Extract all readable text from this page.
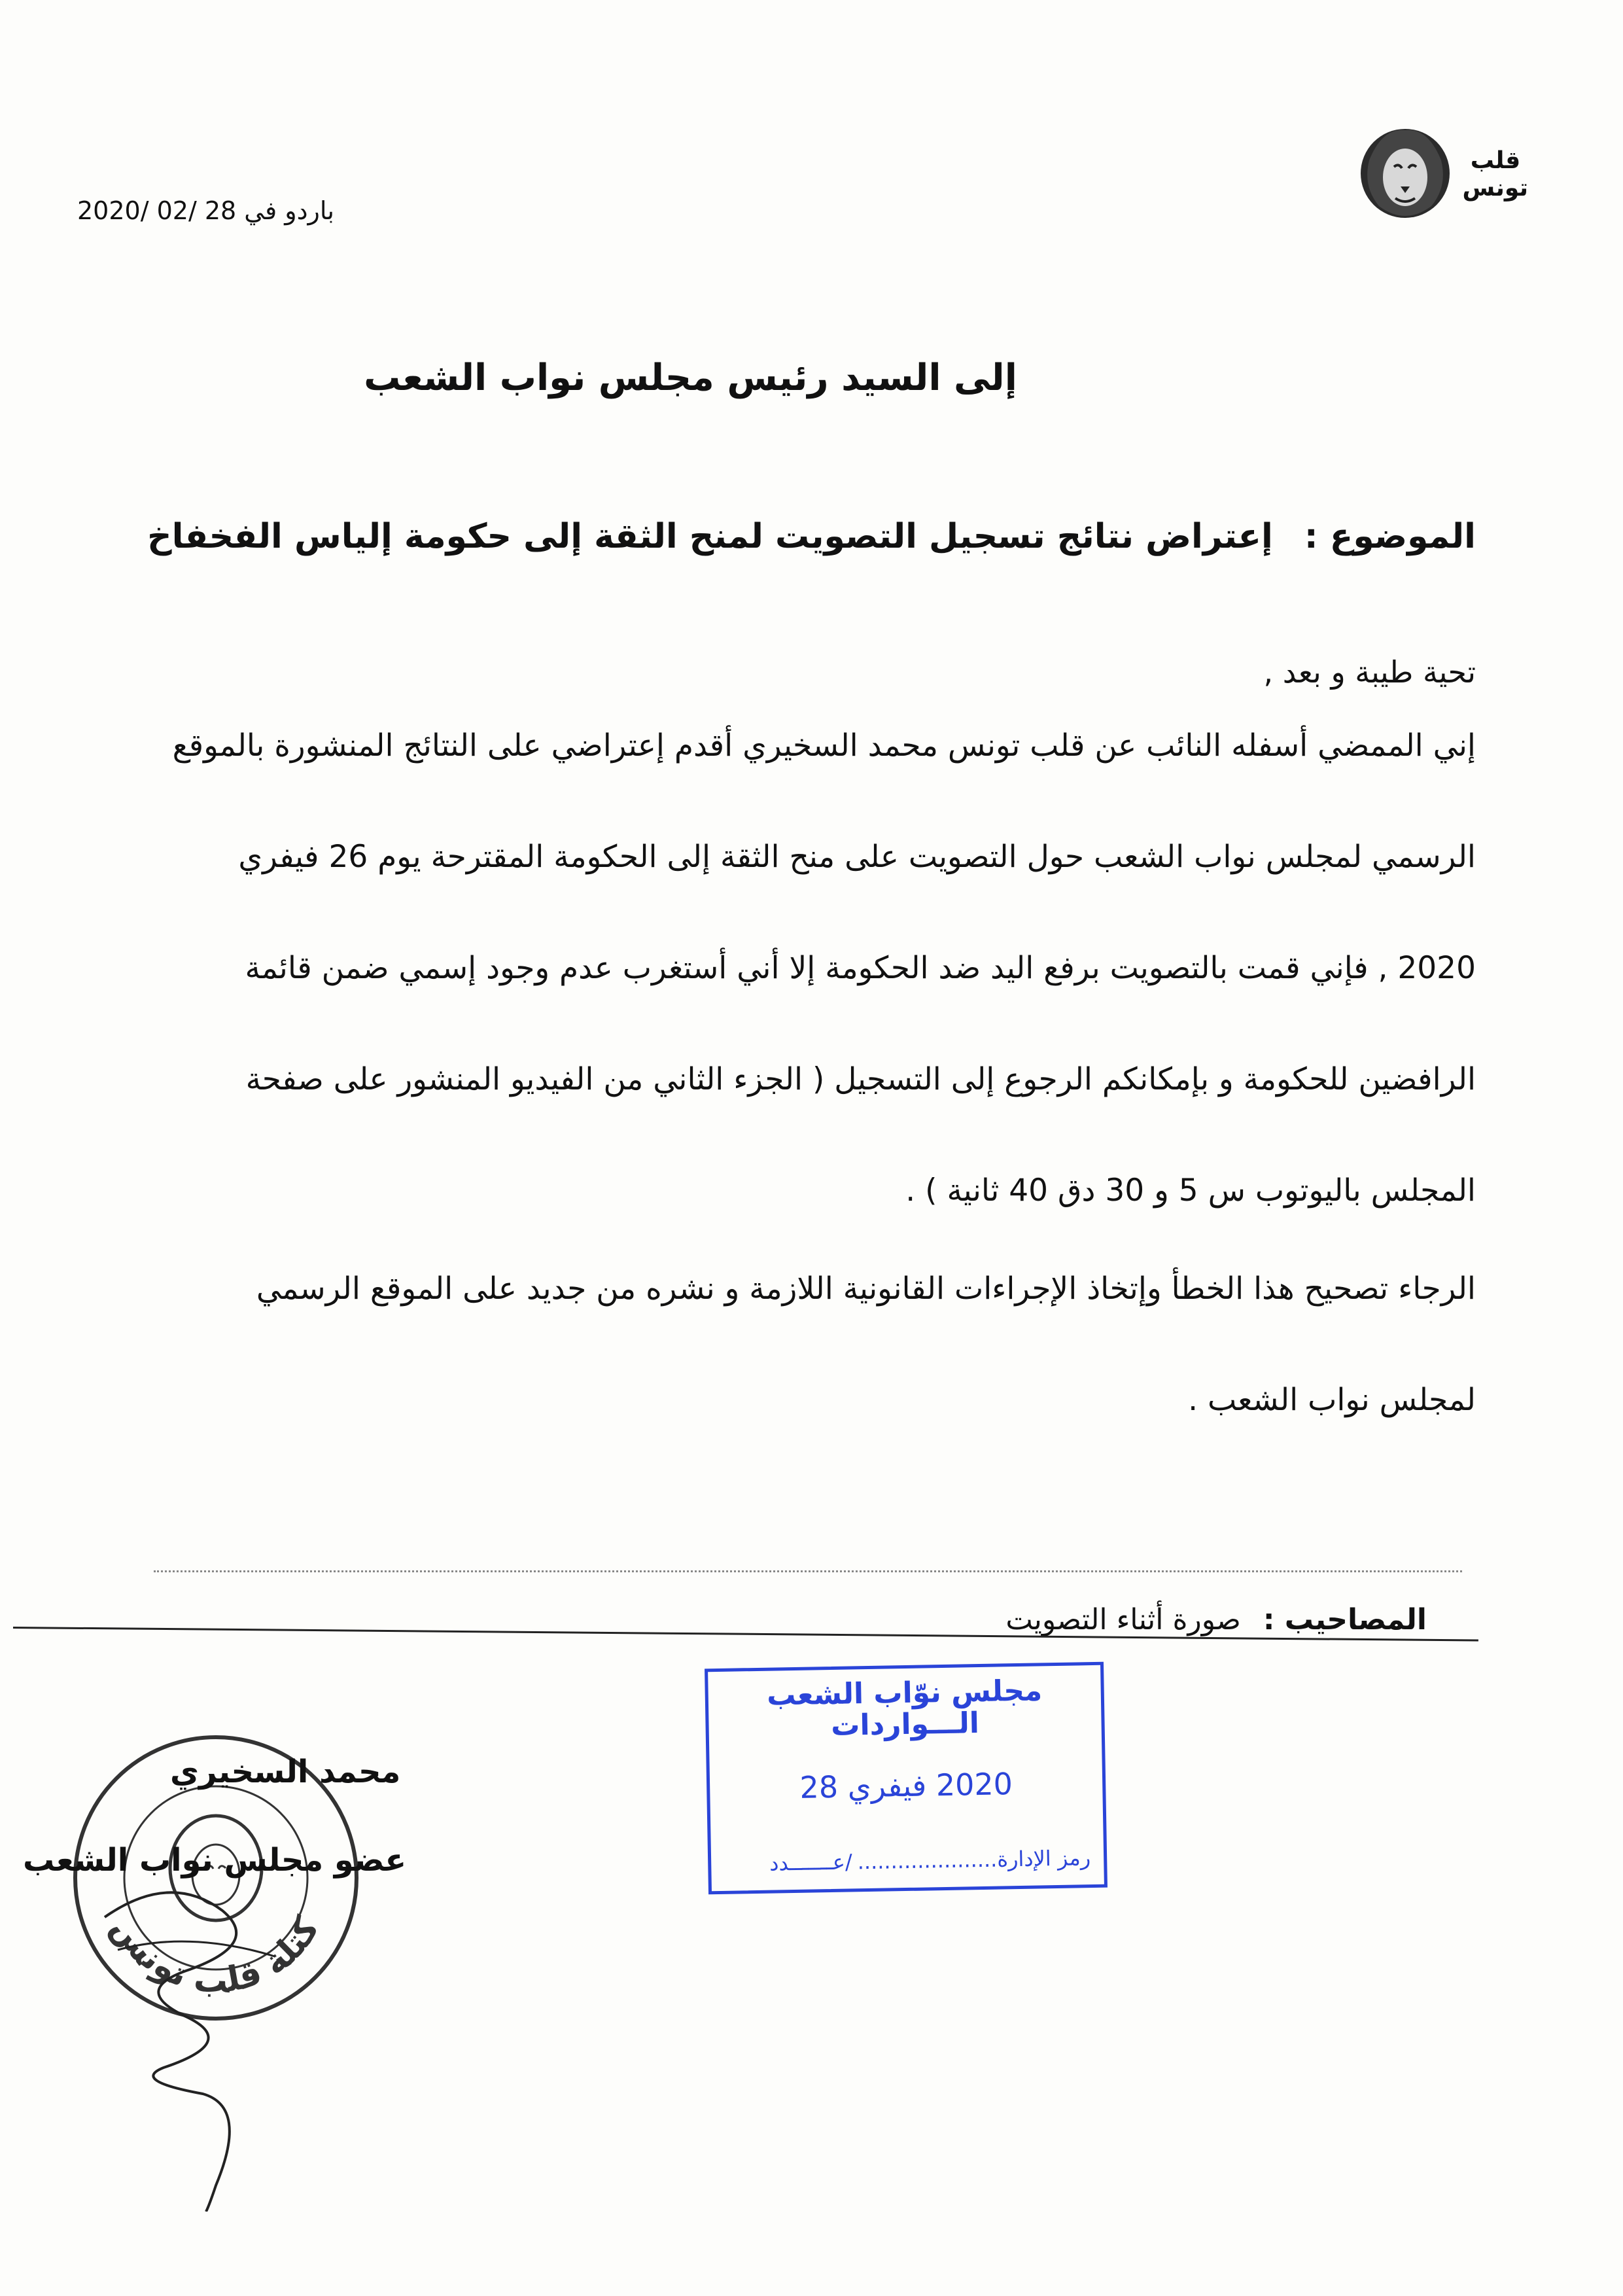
قلب
تونس
باردو في 28 /02 /2020
إلى السيد رئيس مجلس نواب الشعب
الموضوع : إعتراض نتائج تسجيل التصويت لمنح الثقة إلى حكومة إلياس الفخفاخ
تحية طيبة و بعد ,

إني الممضي أسفله النائب عن قلب تونس محمد السخيري أقدم إعتراضي على النتائج المنشورة بالموقع

الرسمي لمجلس نواب الشعب حول التصويت على منح الثقة إلى الحكومة المقترحة يوم 26 فيفري

2020 , فإني قمت بالتصويت برفع اليد ضد الحكومة إلا أني أستغرب عدم وجود إسمي ضمن قائمة

الرافضين للحكومة و بإمكانكم الرجوع إلى التسجيل ( الجزء الثاني من الفيديو المنشور على صفحة

المجلس باليوتوب س 5 و 30 دق 40 ثانية ) .

الرجاء تصحيح هذا الخطأ وإتخاذ الإجراءات القانونية اللازمة و نشره من جديد على الموقع الرسمي

لمجلس نواب الشعب .

المصاحيب : صورة أثناء التصويت
مجلس نوّاب الشعب
الـــواردات
2020 فيفري 28
رمز الإدارة...................../عـــــــدد
كتلة قلب تونس
محمد السخيري
عضو مجلس نواب الشعب
